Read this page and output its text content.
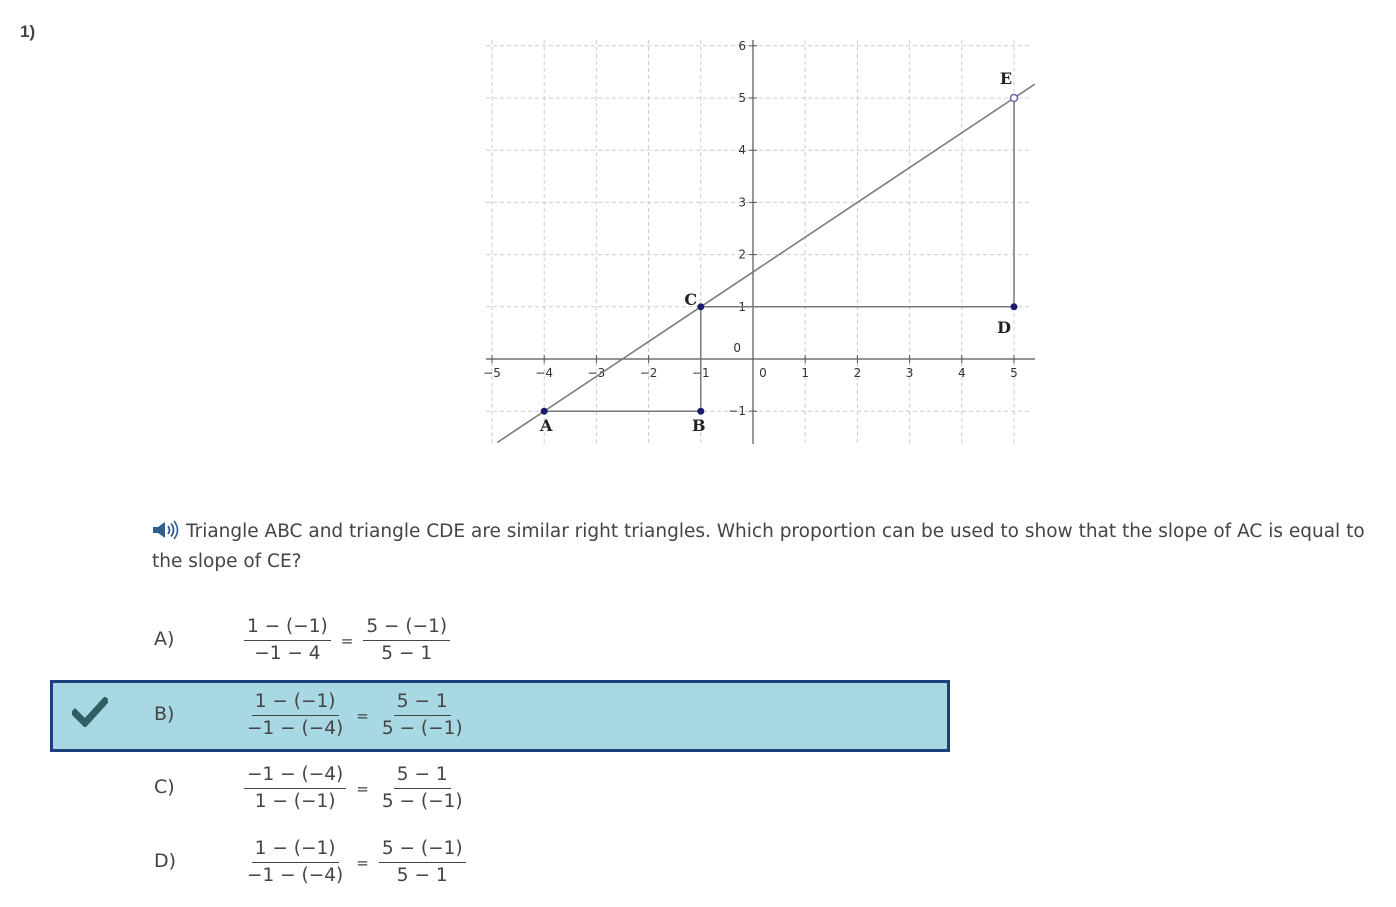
1)
−5	−4	−3	−2	−1	0	1	2	3	4	5
6
5
4
3
2
1
0
−1
A	B
C
D
E
Triangle ABC and triangle CDE are similar right triangles. Which proportion can be used to show that the slope of AC is equal to the slope of CE?
A)	$\frac{1 - (-1)}{-1 - 4} = \frac{5 - (-1)}{5 - 1}$
B)	$\frac{1 - (-1)}{-1 - (-4)} = \frac{5 - 1}{5 - (-1)}$
C)	$\frac{-1 - (-4)}{1 - (-1)} = \frac{5 - 1}{5 - (-1)}$
D)	$\frac{1 - (-1)}{-1 - (-4)} = \frac{5 - (-1)}{5 - 1}$
